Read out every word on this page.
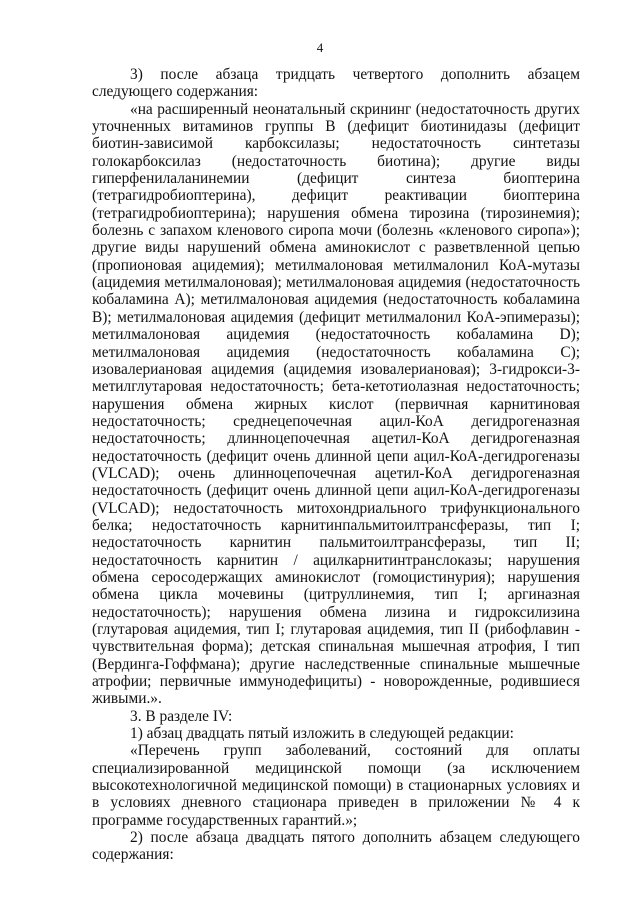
4

3) после абзаца тридцать четвертого дополнить абзацем следующего содержания:

«на расширенный неонатальный скрининг (недостаточность других уточненных витаминов группы В (дефицит биотинидазы (дефицит биотин-зависимой карбоксилазы; недостаточность синтетазы голокарбоксилаз (недостаточность биотина); другие виды гиперфенилаланинемии (дефицит синтеза биоптерина (тетрагидробиоптерина), дефицит реактивации биоптерина (тетрагидробиоптерина); нарушения обмена тирозина (тирозинемия); болезнь с запахом кленового сиропа мочи (болезнь «кленового сиропа»); другие виды нарушений обмена аминокислот с разветвленной цепью (пропионовая ацидемия); метилмалоновая метилмалонил КоА-мутазы (ацидемия метилмалоновая); метилмалоновая ацидемия (недостаточность кобаламина А); метилмалоновая ацидемия (недостаточность кобаламина В); метилмалоновая ацидемия (дефицит метилмалонил КоА-эпимеразы); метилмалоновая ацидемия (недостаточность кобаламина D); метилмалоновая ацидемия (недостаточность кобаламина С); изовалериановая ацидемия (ацидемия изовалериановая); 3-гидрокси-3-метилглутаровая недостаточность; бета-кетотиолазная недостаточность; нарушения обмена жирных кислот (первичная карнитиновая недостаточность; среднецепочечная ацил-КоА дегидрогеназная недостаточность; длинноцепочечная ацетил-КоА дегидрогеназная недостаточность (дефицит очень длинной цепи ацил-КоА-дегидрогеназы (VLCAD); очень длинноцепочечная ацетил-КоА дегидрогеназная недостаточность (дефицит очень длинной цепи ацил-КоА-дегидрогеназы (VLCAD); недостаточность митохондриального трифункционального белка; недостаточность карнитинпальмитоилтрансферазы, тип I; недостаточность карнитин пальмитоилтрансферазы, тип II; недостаточность карнитин / ацилкарнитинтранслоказы; нарушения обмена серосодержащих аминокислот (гомоцистинурия); нарушения обмена цикла мочевины (цитруллинемия, тип I; аргиназная недостаточность); нарушения обмена лизина и гидроксилизина (глутаровая ацидемия, тип I; глутаровая ацидемия, тип II (рибофлавин - чувствительная форма); детская спинальная мышечная атрофия, I тип (Вердинга-Гоффмана); другие наследственные спинальные мышечные атрофии; первичные иммунодефициты) - новорожденные, родившиеся живыми.».

3. В разделе IV:

1) абзац двадцать пятый изложить в следующей редакции:

«Перечень групп заболеваний, состояний для оплаты специализированной медицинской помощи (за исключением высокотехнологичной медицинской помощи) в стационарных условиях и в условиях дневного стационара приведен в приложении № 4 к программе государственных гарантий.»;

2) после абзаца двадцать пятого дополнить абзацем следующего содержания:
